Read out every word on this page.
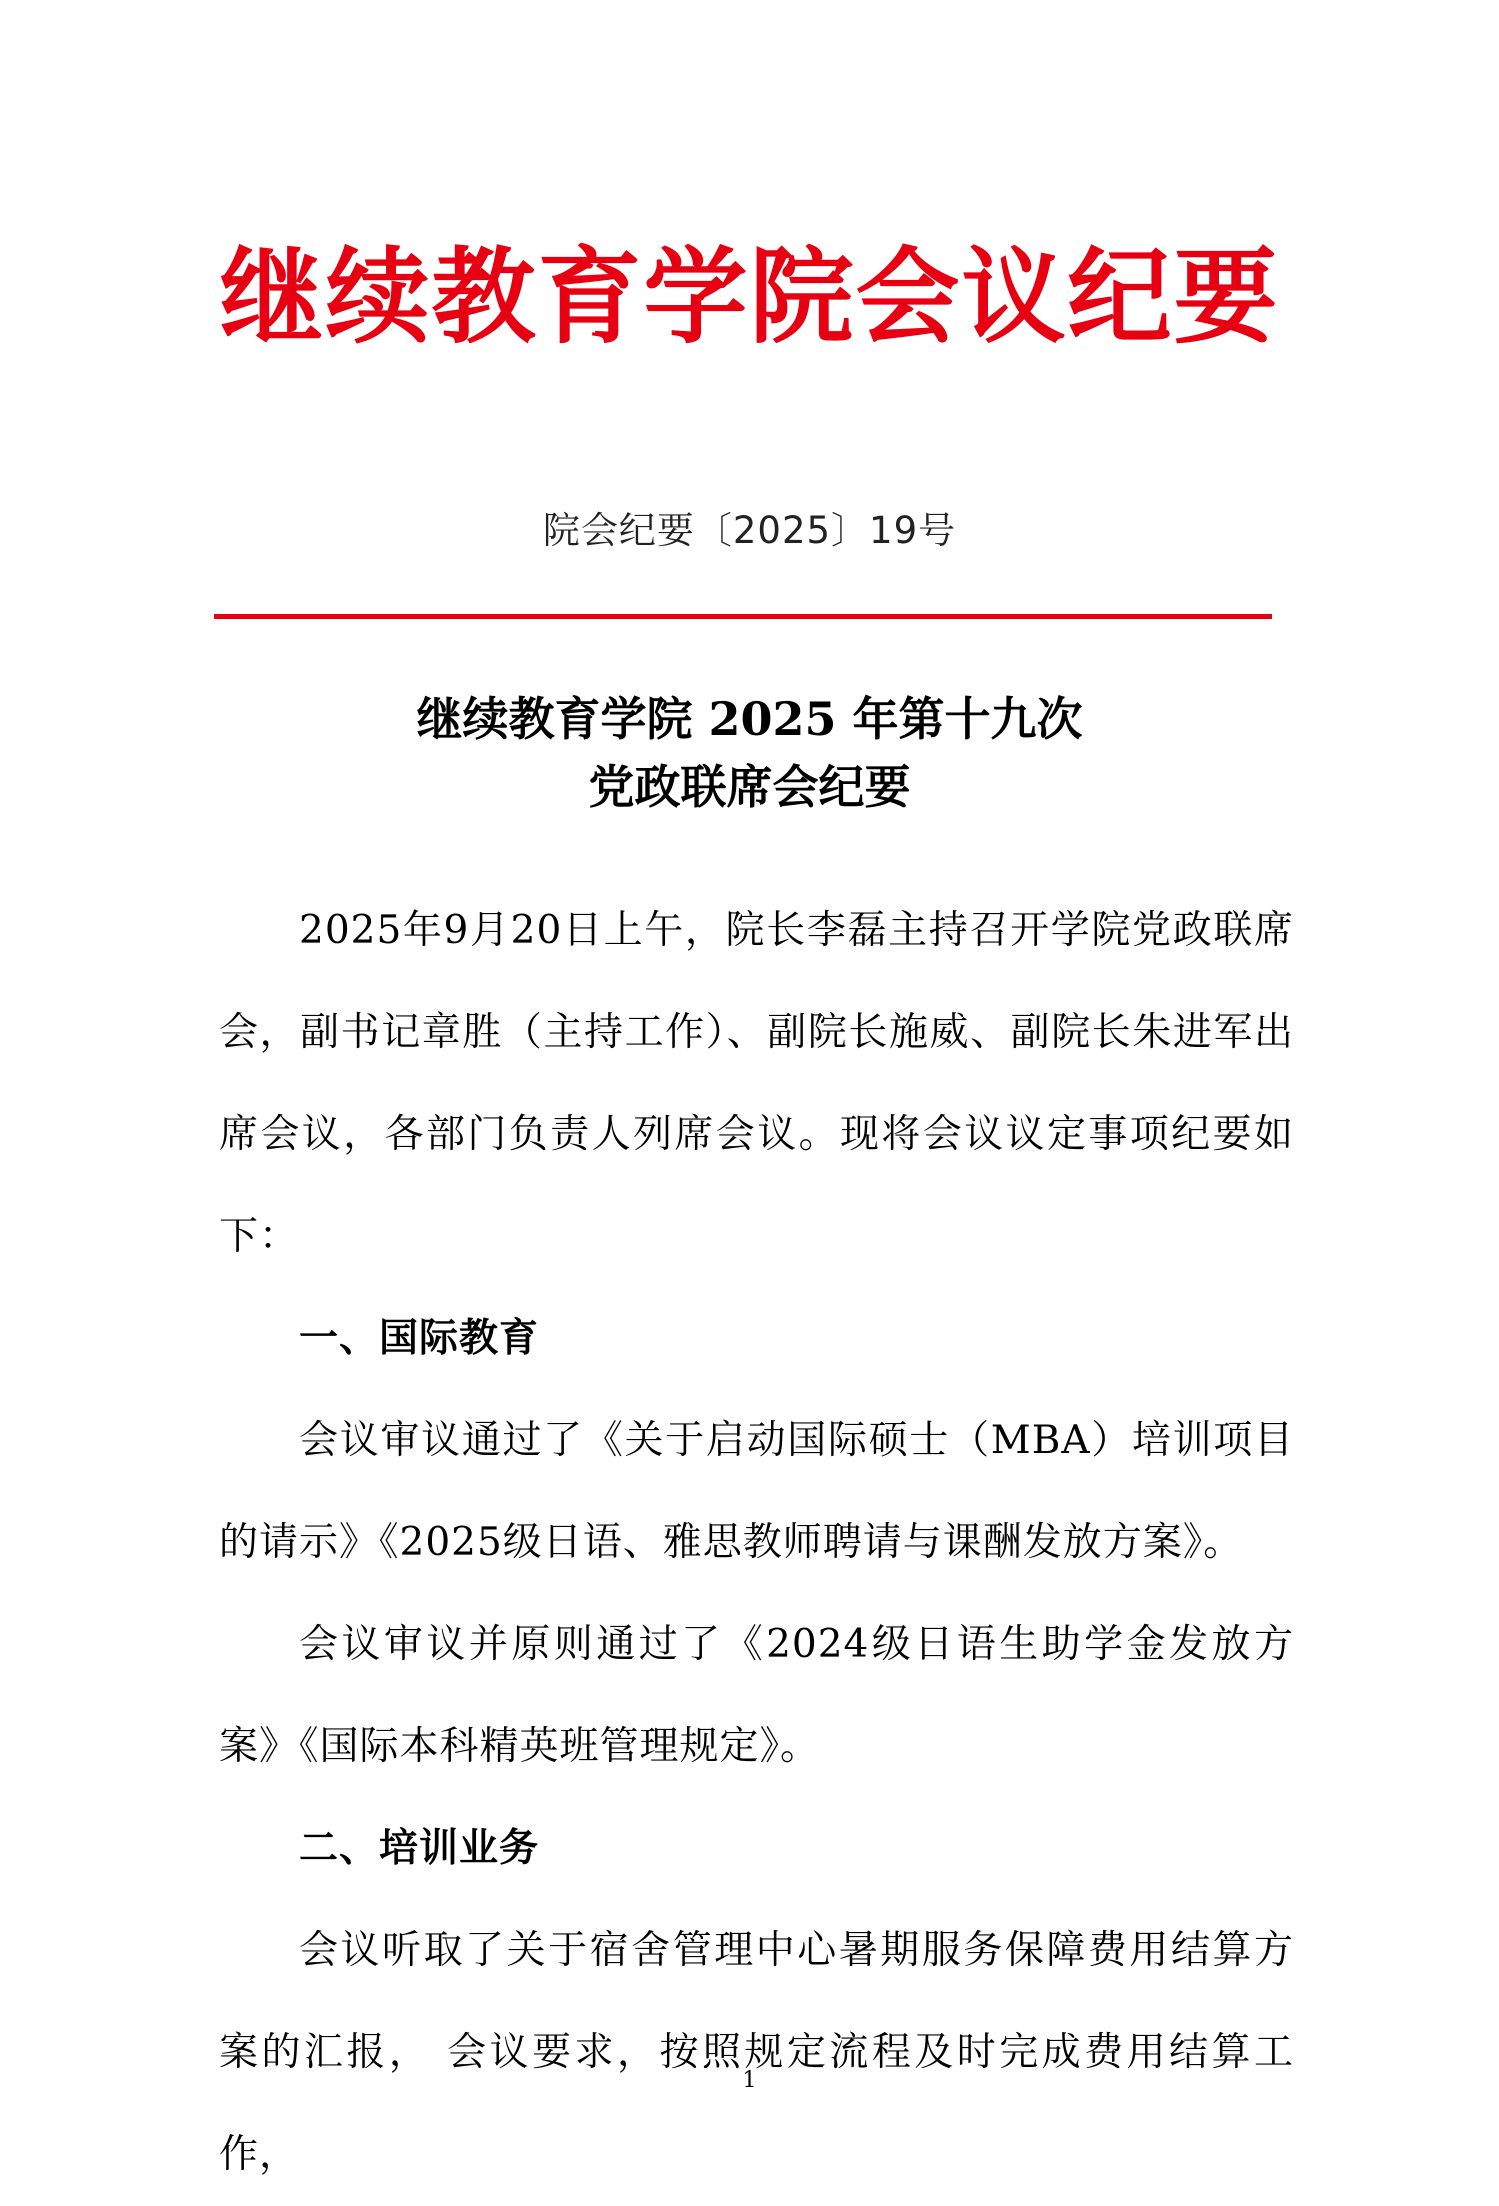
继续教育学院会议纪要
院会纪要〔2025〕19号
继续教育学院 2025 年第十九次
党政联席会纪要

2025年9月20日上午，院长李磊主持召开学院党政联席会，副书记章胜（主持工作）、副院长施威、副院长朱进军出席会议，各部门负责人列席会议。现将会议议定事项纪要如下：

一、国际教育

会议审议通过了《关于启动国际硕士（MBA）培训项目的请示》《2025级日语、雅思教师聘请与课酬发放方案》。

会议审议并原则通过了《2024级日语生助学金发放方案》《国际本科精英班管理规定》。

二、培训业务

会议听取了关于宿舍管理中心暑期服务保障费用结算方案的汇报， 会议要求，按照规定流程及时完成费用结算工作，

1
